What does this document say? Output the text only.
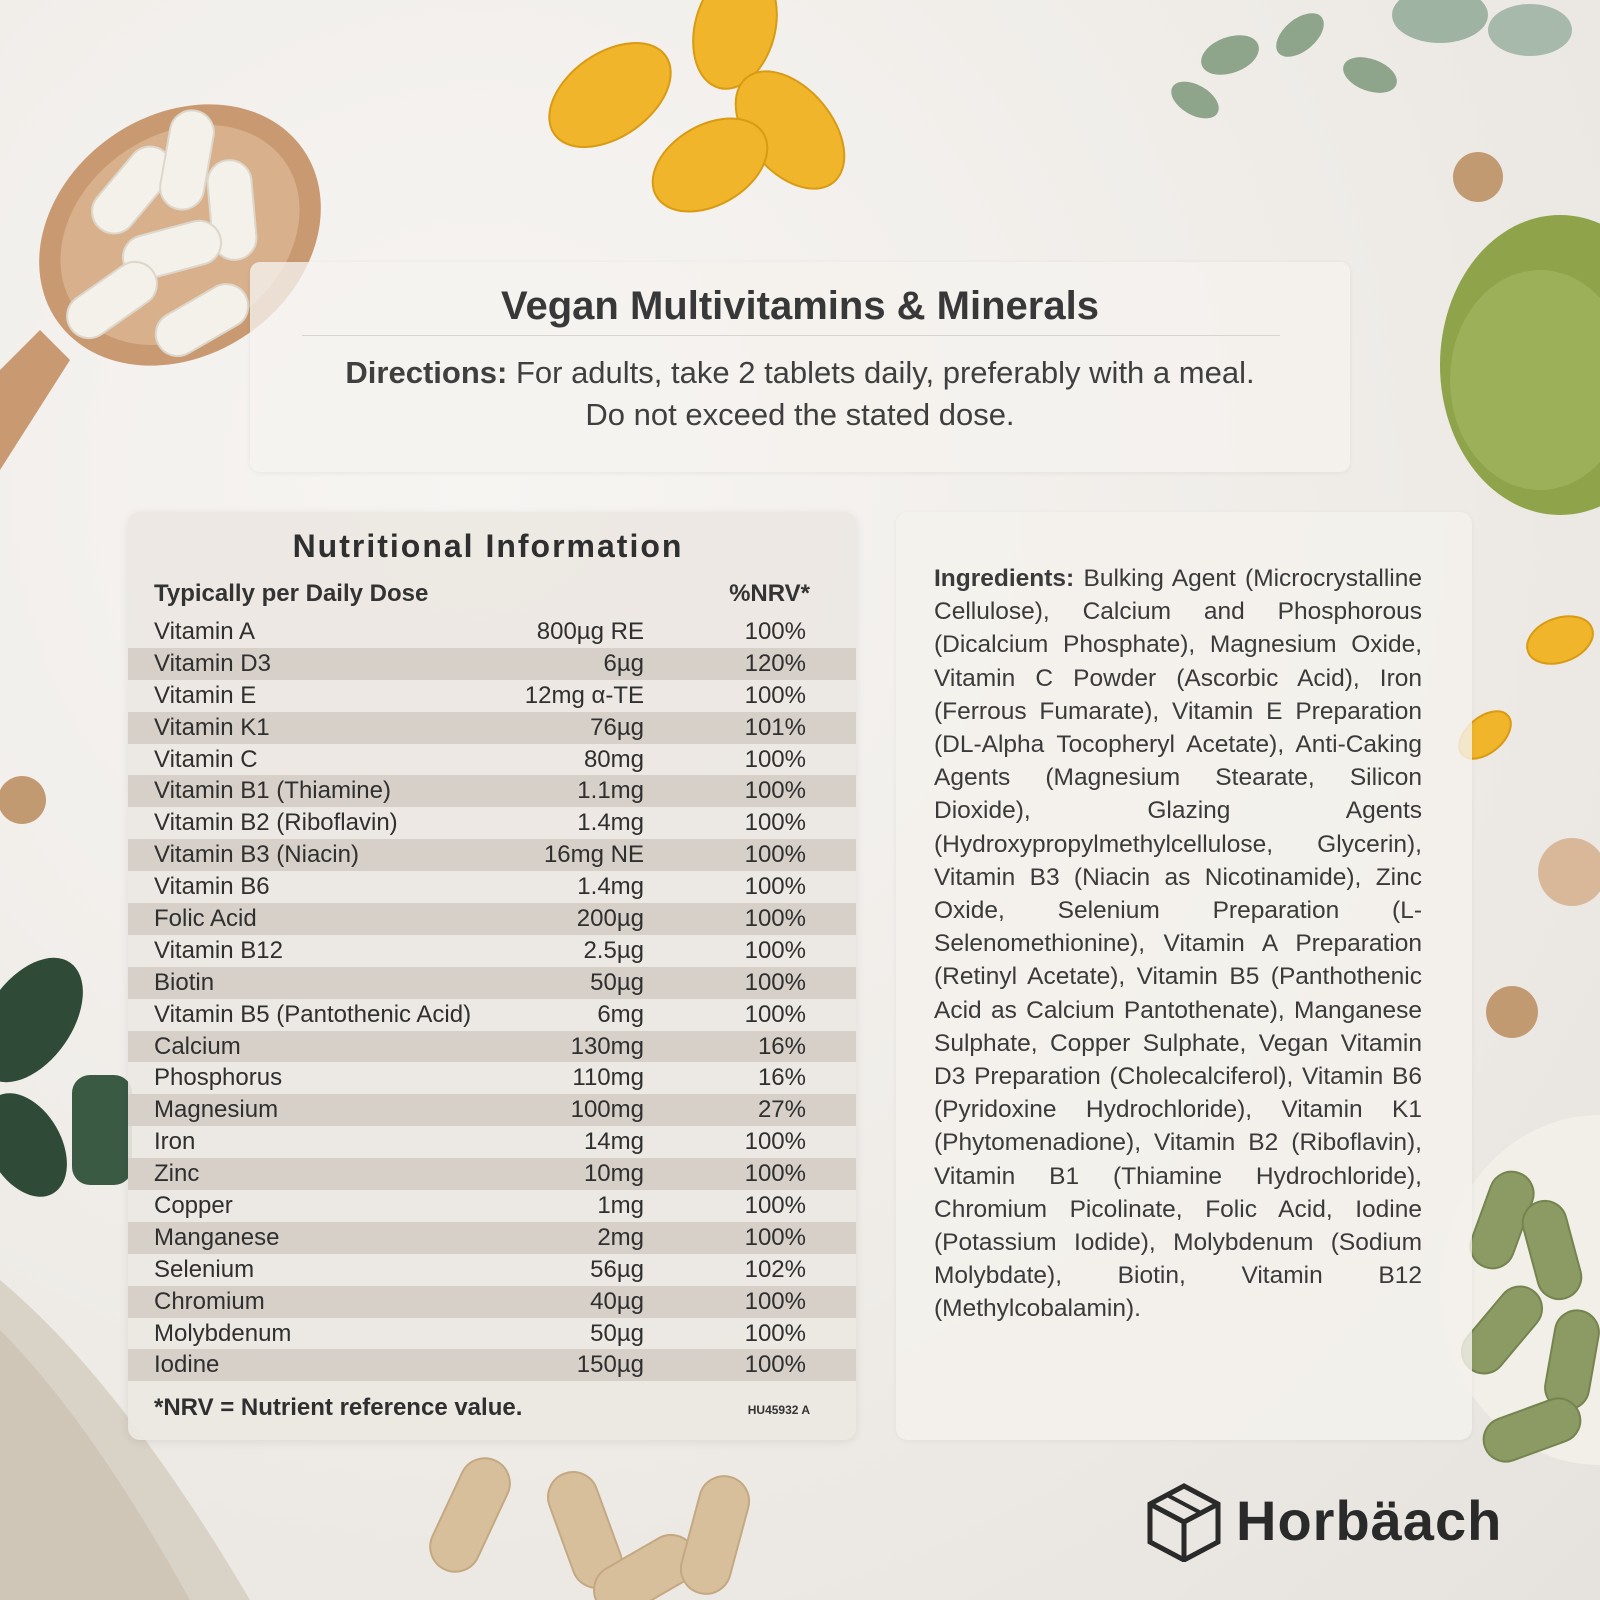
Vegan Multivitamins & Minerals
Directions: For adults, take 2 tablets daily, preferably with a meal.
Do not exceed the stated dose.
Nutritional Information
Typically per Daily Dose	%NRV*
Vitamin A	800µg RE	100%
Vitamin D3	6µg	120%
Vitamin E	12mg α-TE	100%
Vitamin K1	76µg	101%
Vitamin C	80mg	100%
Vitamin B1 (Thiamine)	1.1mg	100%
Vitamin B2 (Riboflavin)	1.4mg	100%
Vitamin B3 (Niacin)	16mg NE	100%
Vitamin B6	1.4mg	100%
Folic Acid	200µg	100%
Vitamin B12	2.5µg	100%
Biotin	50µg	100%
Vitamin B5 (Pantothenic Acid)	6mg	100%
Calcium	130mg	16%
Phosphorus	110mg	16%
Magnesium	100mg	27%
Iron	14mg	100%
Zinc	10mg	100%
Copper	1mg	100%
Manganese	2mg	100%
Selenium	56µg	102%
Chromium	40µg	100%
Molybdenum	50µg	100%
Iodine	150µg	100%
*NRV = Nutrient reference value.	HU45932 A
Ingredients: Bulking Agent (Microcrystalline Cellulose), Calcium and Phosphorous (Dicalcium Phosphate), Magnesium Oxide, Vitamin C Powder (Ascorbic Acid), Iron (Ferrous Fumarate), Vitamin E Preparation (DL-Alpha Tocopheryl Acetate), Anti-Caking Agents (Magnesium Stearate, Silicon Dioxide), Glazing Agents (Hydroxypropylmethylcellulose, Glycerin), Vitamin B3 (Niacin as Nicotinamide), Zinc Oxide, Selenium Preparation (L-Selenomethionine), Vitamin A Preparation (Retinyl Acetate), Vitamin B5 (Panthothenic Acid as Calcium Pantothenate), Manganese Sulphate, Copper Sulphate, Vegan Vitamin D3 Preparation (Cholecalciferol), Vitamin B6 (Pyridoxine Hydrochloride), Vitamin K1 (Phytomenadione), Vitamin B2 (Riboflavin), Vitamin B1 (Thiamine Hydrochloride), Chromium Picolinate, Folic Acid, Iodine (Potassium Iodide), Molybdenum (Sodium Molybdate), Biotin, Vitamin B12 (Methylcobalamin).
Horbäach
